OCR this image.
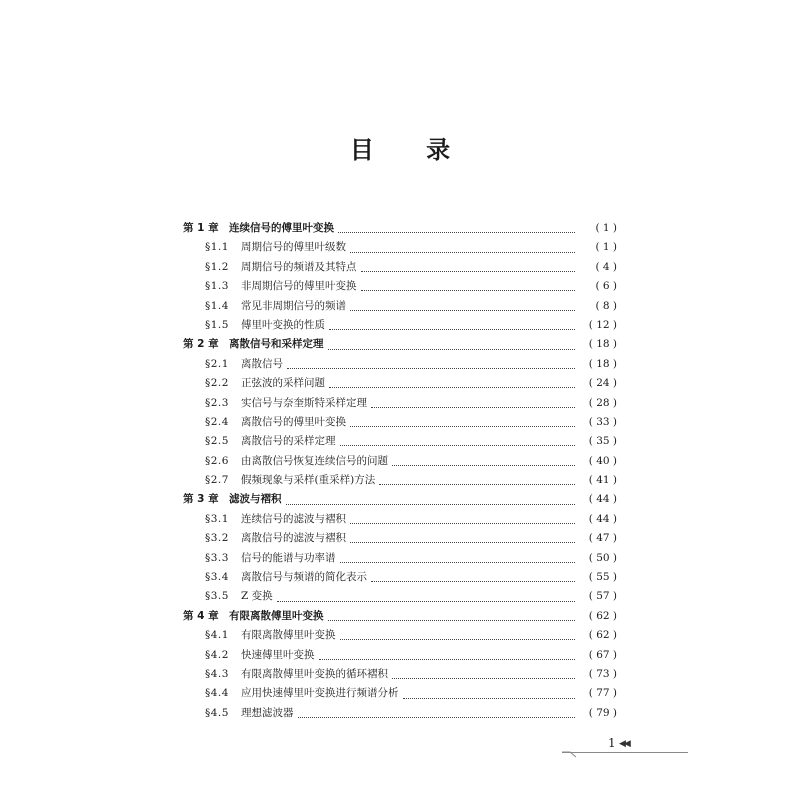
目 录
第 1 章 连续信号的傅里叶变换	( 1 )
§1.1	周期信号的傅里叶级数	( 1 )
§1.2	周期信号的频谱及其特点	( 4 )
§1.3	非周期信号的傅里叶变换	( 6 )
§1.4	常见非周期信号的频谱	( 8 )
§1.5	傅里叶变换的性质	( 12 )
第 2 章 离散信号和采样定理	( 18 )
§2.1	离散信号	( 18 )
§2.2	正弦波的采样问题	( 24 )
§2.3	实信号与奈奎斯特采样定理	( 28 )
§2.4	离散信号的傅里叶变换	( 33 )
§2.5	离散信号的采样定理	( 35 )
§2.6	由离散信号恢复连续信号的问题	( 40 )
§2.7	假频现象与采样(重采样)方法	( 41 )
第 3 章 滤波与褶积	( 44 )
§3.1	连续信号的滤波与褶积	( 44 )
§3.2	离散信号的滤波与褶积	( 47 )
§3.3	信号的能谱与功率谱	( 50 )
§3.4	离散信号与频谱的简化表示	( 55 )
§3.5	Z 变换	( 57 )
第 4 章 有限离散傅里叶变换	( 62 )
§4.1	有限离散傅里叶变换	( 62 )
§4.2	快速傅里叶变换	( 67 )
§4.3	有限离散傅里叶变换的循环褶积	( 73 )
§4.4	应用快速傅里叶变换进行频谱分析	( 77 )
§4.5	理想滤波器	( 79 )
1 ◀◀
